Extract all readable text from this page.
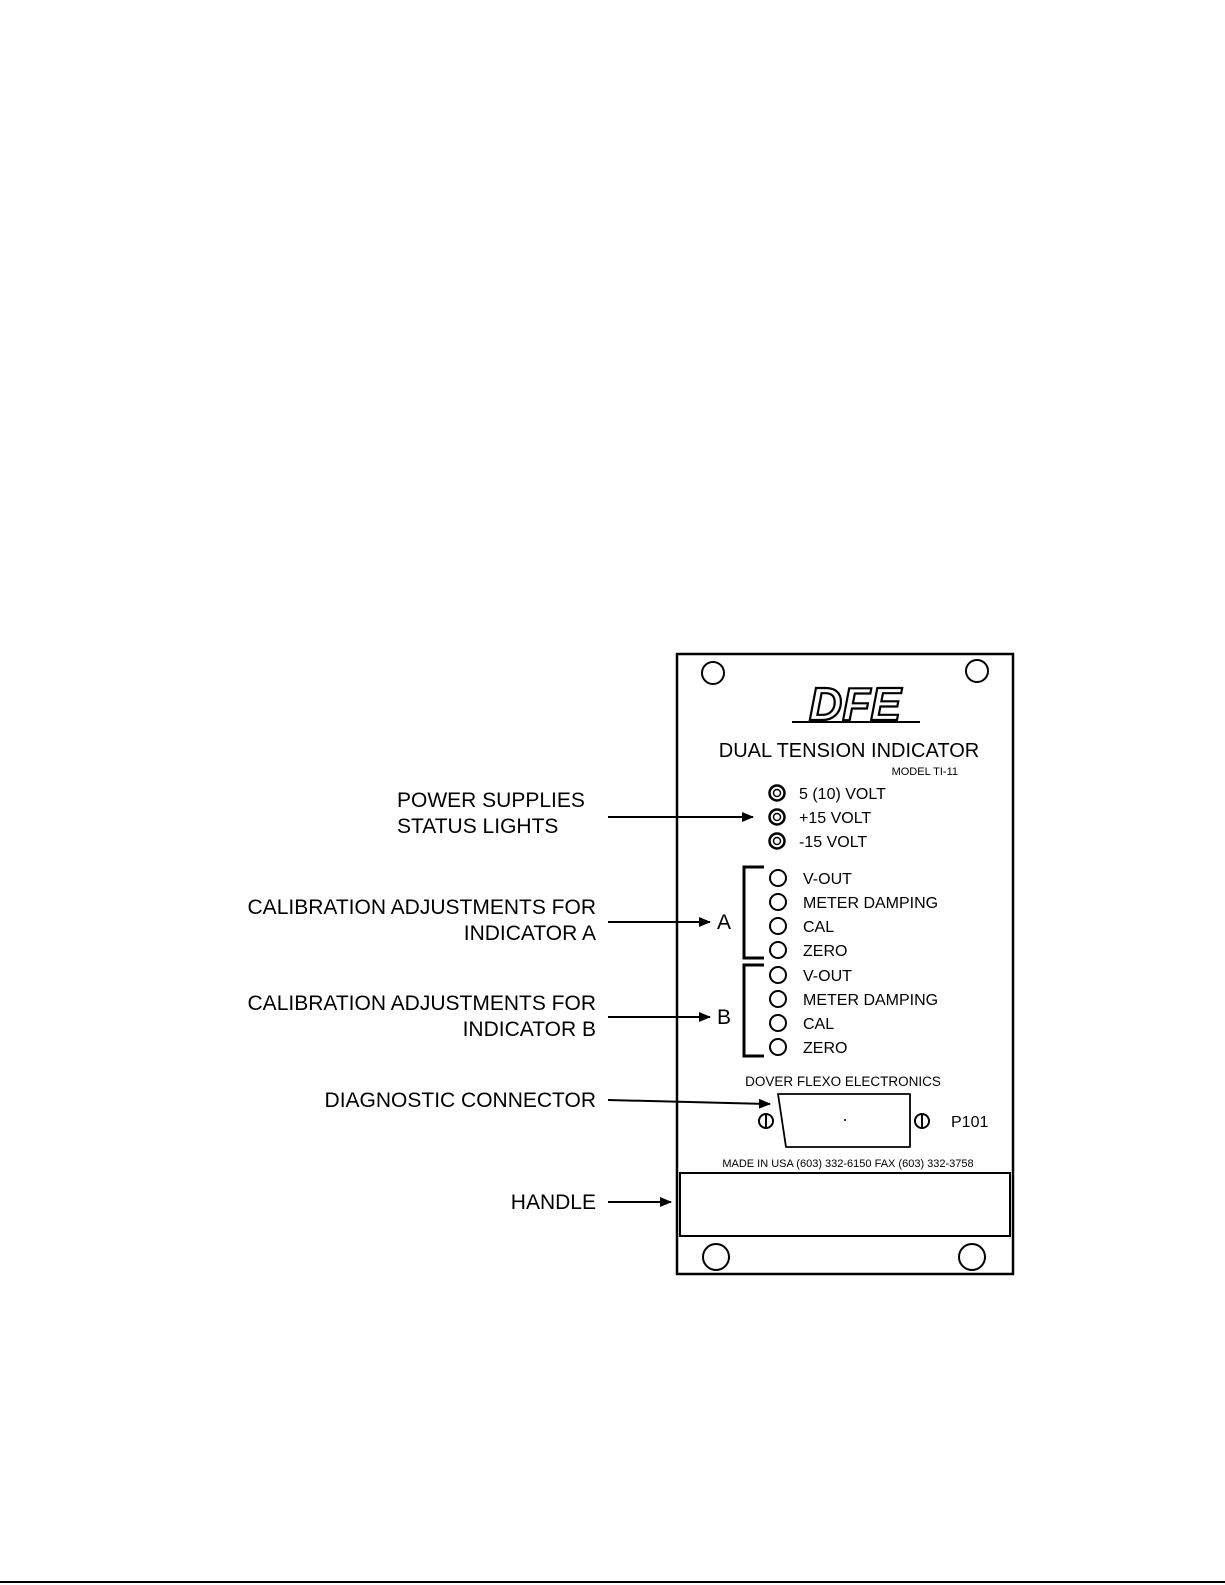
DFE
DUAL TENSION INDICATOR
MODEL TI-11
5 (10) VOLT
+15 VOLT
-15 VOLT
V-OUT
METER DAMPING
CAL
ZERO
A
V-OUT
METER DAMPING
CAL
ZERO
B
DOVER FLEXO ELECTRONICS
P101
MADE IN USA (603) 332-6150 FAX (603) 332-3758
POWER SUPPLIES
STATUS LIGHTS
CALIBRATION ADJUSTMENTS FOR
INDICATOR A
CALIBRATION ADJUSTMENTS FOR
INDICATOR B
DIAGNOSTIC CONNECTOR
HANDLE
